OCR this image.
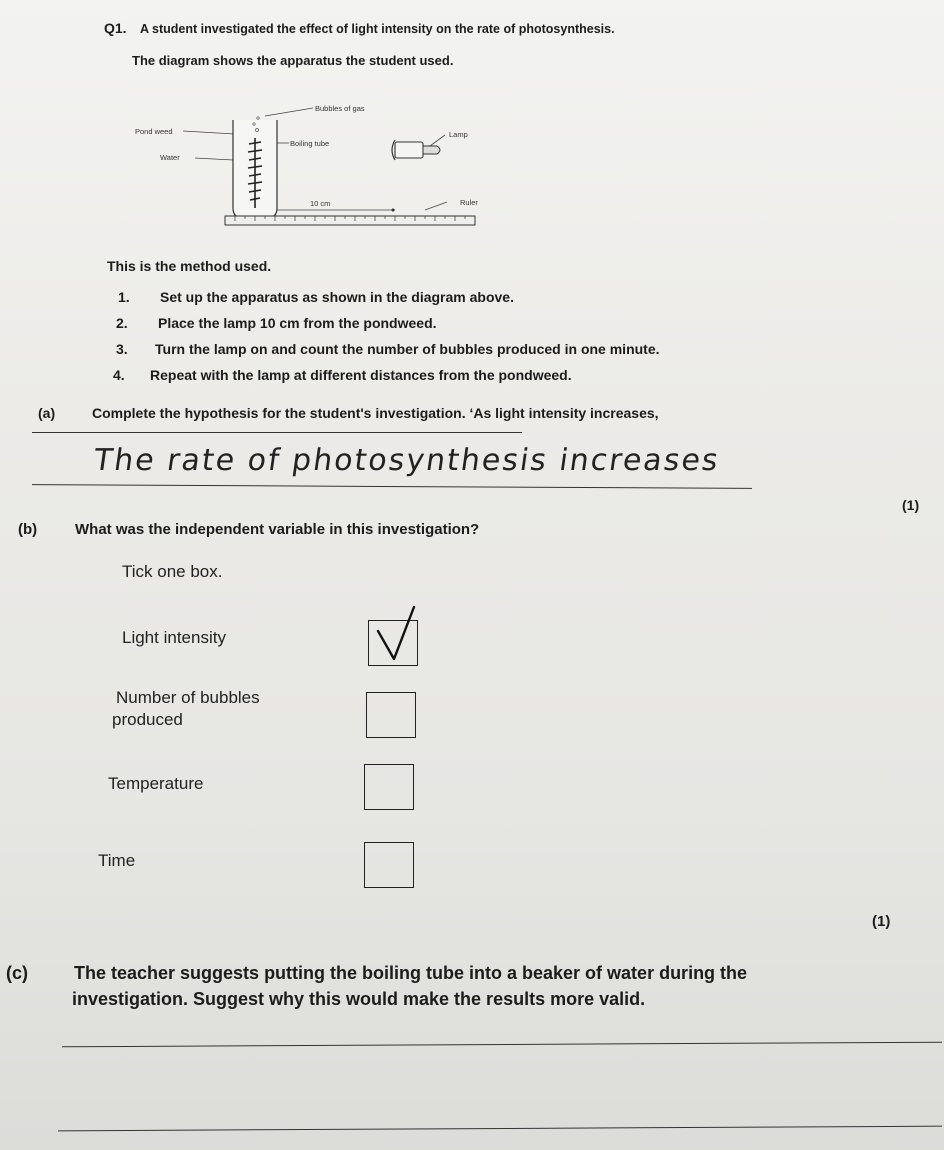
Q1. A student investigated the effect of light intensity on the rate of photosynthesis.
The diagram shows the apparatus the student used.
Bubbles of gas
Pond weed
Boiling tube
Lamp
Water
10 cm	Ruler
This is the method used.
1. Set up the apparatus as shown in the diagram above.
2. Place the lamp 10 cm from the pondweed.
3. Turn the lamp on and count the number of bubbles produced in one minute.
4. Repeat with the lamp at different distances from the pondweed.
(a)	Complete the hypothesis for the student's investigation. ‘As light intensity increases,
The rate of photosynthesis increases
(1)
(b)	What was the independent variable in this investigation?
Tick one box.
Light intensity
Number of bubbles
produced
Temperature
Time
(1)
(c)	The teacher suggests putting the boiling tube into a beaker of water during the
investigation. Suggest why this would make the results more valid.
